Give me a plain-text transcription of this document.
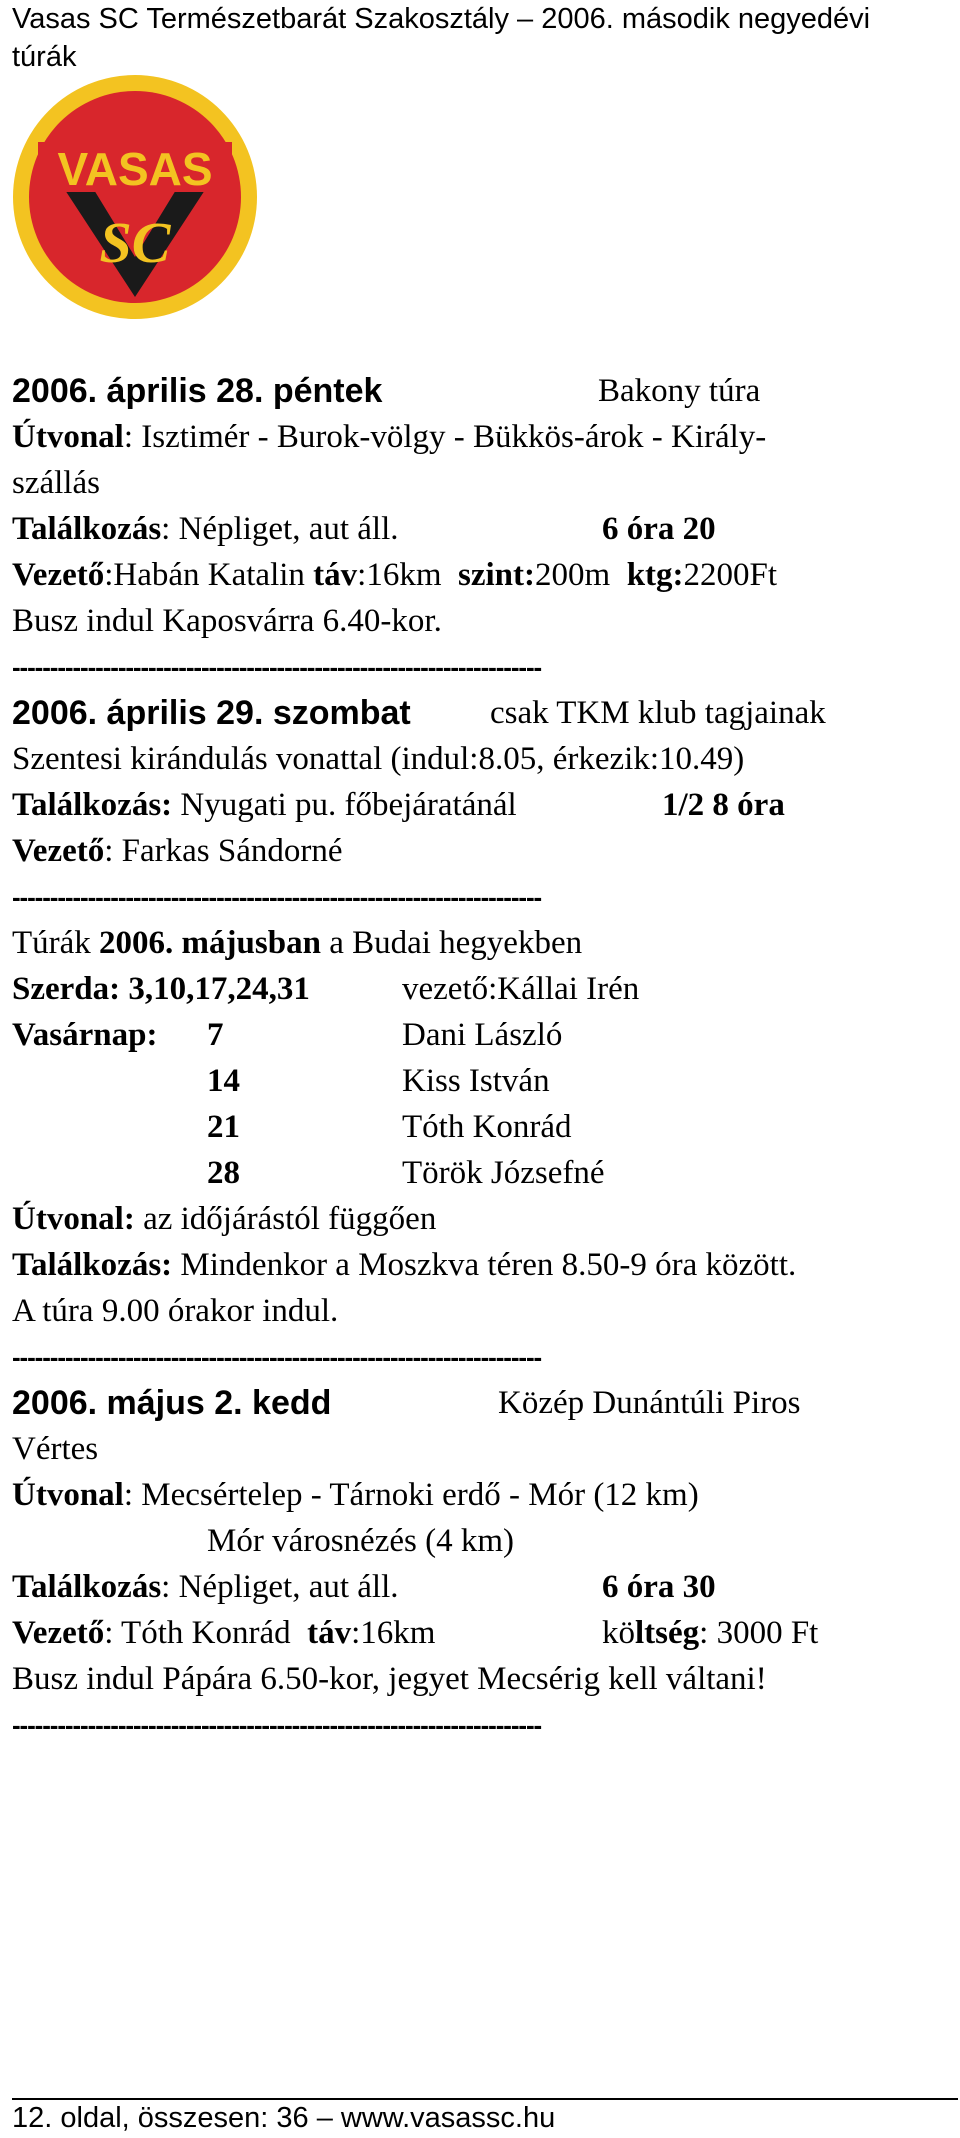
Vasas SC Természetbarát Szakosztály – 2006. második negyedévi túrák
VASAS
SC
2006. április 28. péntek	Bakony túra
Útvonal: Isztimér - Burok-völgy - Bükkös-árok - Király-
szállás
Találkozás: Népliget, aut áll.	6 óra 20
Vezető:Habán Katalin táv:16km szint:200m ktg:2200Ft
Busz indul Kaposvárra 6.40-kor.
----------------------------------------------------------------------
2006. április 29. szombat csak TKM klub tagjainak
Szentesi kirándulás vonattal (indul:8.05, érkezik:10.49)
Találkozás: Nyugati pu. főbejáratánál	1/2 8 óra
Vezető: Farkas Sándorné
----------------------------------------------------------------------
Túrák 2006. májusban a Budai hegyekben
Szerda: 3,10,17,24,31	vezető:Kállai Irén
Vasárnap: 7	Dani László
14	Kiss István
21	Tóth Konrád
28	Török Józsefné
Útvonal: az időjárástól függően
Találkozás: Mindenkor a Moszkva téren 8.50-9 óra között.
A túra 9.00 órakor indul.
----------------------------------------------------------------------
2006. május 2. kedd	Közép Dunántúli Piros
Vértes
Útvonal: Mecsértelep - Tárnoki erdő - Mór (12 km)
Mór városnézés (4 km)
Találkozás: Népliget, aut áll.	6 óra 30
Vezető: Tóth Konrád táv:16km	költség: 3000 Ft
Busz indul Pápára 6.50-kor, jegyet Mecsérig kell váltani!
----------------------------------------------------------------------
12. oldal, összesen: 36 – www.vasassc.hu
